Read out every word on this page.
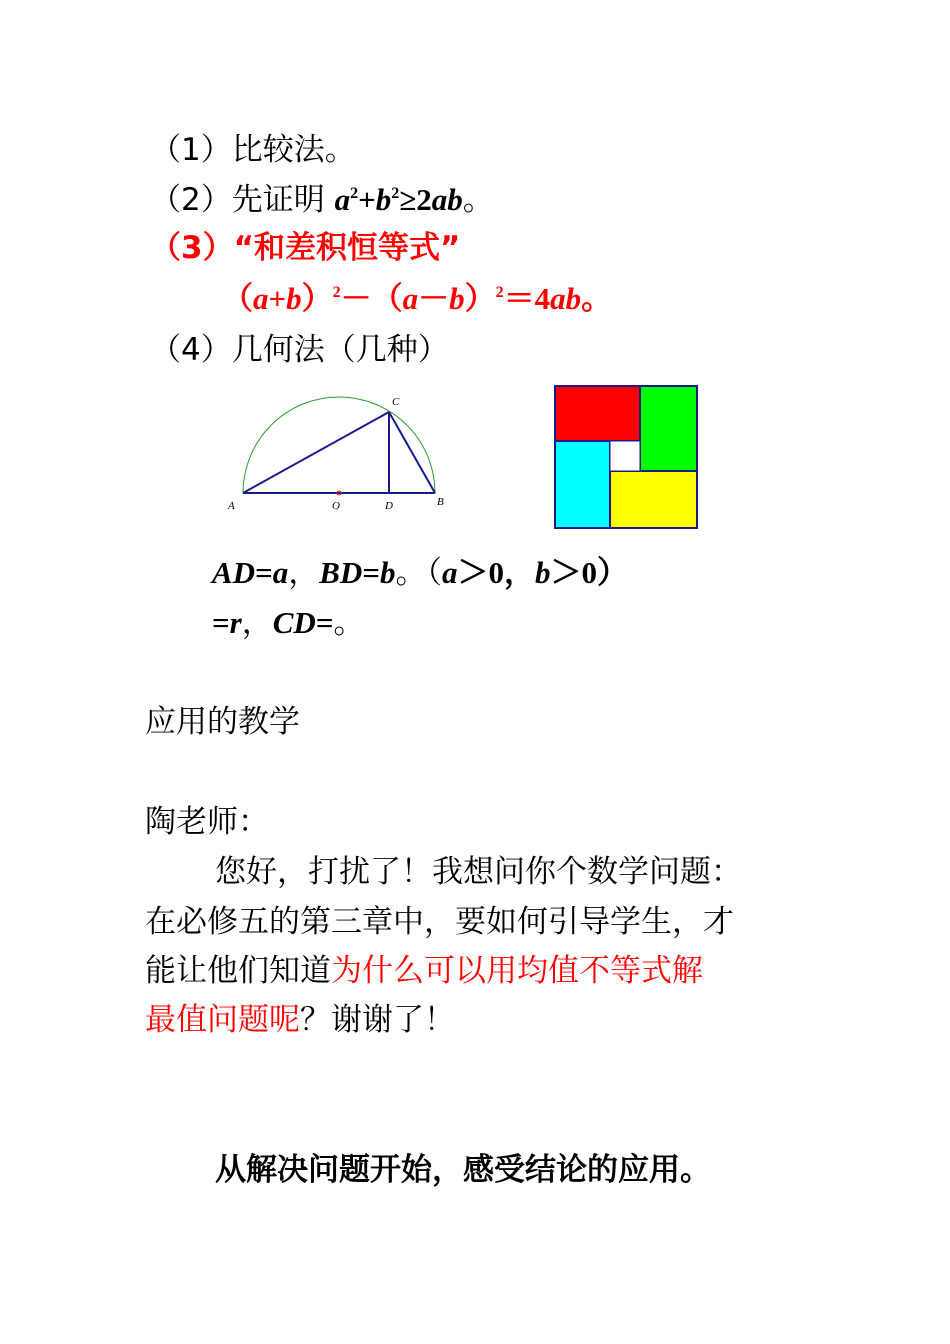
（1）比较法。
（2）先证明 $a^2+b^2\ge 2ab$。
（3）“和差积恒等式”
$(a+b)^2-(a-b)^2=4ab$。
（4）几何法（几种）
A	O	D	B
C
AD=a，BD=b。（a＞0，b＞0）
=r，CD=。
应用的教学
陶老师：
您好，打扰了！我想问你个数学问题：
在必修五的第三章中，要如何引导学生，才
能让他们知道为什么可以用均值不等式解
最值问题呢？谢谢了！
从解决问题开始，感受结论的应用。
